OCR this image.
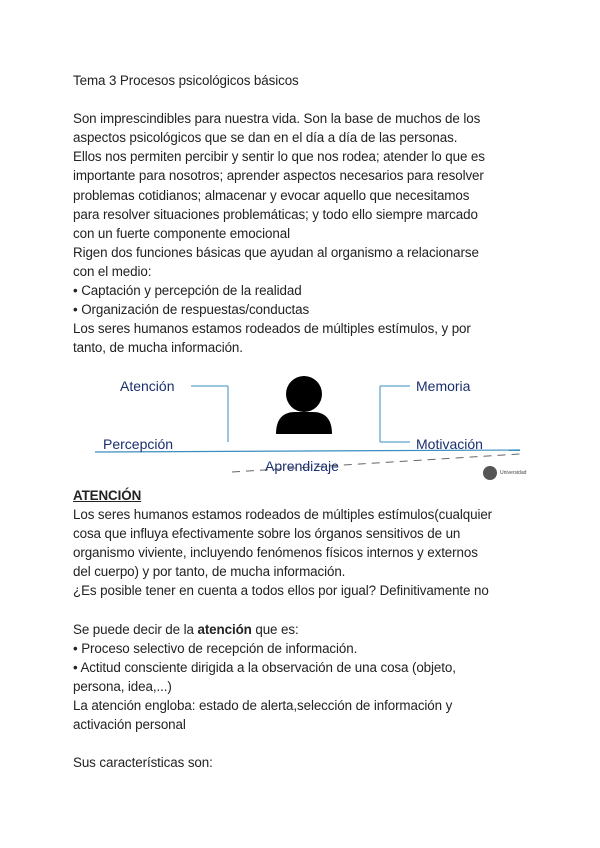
Tema 3 Procesos psicológicos básicos

Son imprescindibles para nuestra vida. Son la base de muchos de los

aspectos psicológicos que se dan en el día a día de las personas.

Ellos nos permiten percibir y sentir lo que nos rodea; atender lo que es

importante para nosotros; aprender aspectos necesarios para resolver

problemas cotidianos; almacenar y evocar aquello que necesitamos

para resolver situaciones problemáticas; y todo ello siempre marcado

con un fuerte componente emocional

Rigen dos funciones básicas que ayudan al organismo a relacionarse

con el medio:

• Captación y percepción de la realidad

• Organización de respuestas/conductas

Los seres humanos estamos rodeados de múltiples estímulos, y por

tanto, de mucha información.

Atención
Percepción
Memoria
Motivación
Aprendizaje	Universidad

ATENCIÓN

Los seres humanos estamos rodeados de múltiples estímulos(cualquier

cosa que influya efectivamente sobre los órganos sensitivos de un

organismo viviente, incluyendo fenómenos físicos internos y externos

del cuerpo) y por tanto, de mucha información.

¿Es posible tener en cuenta a todos ellos por igual? Definitivamente no

Se puede decir de la atención que es:

• Proceso selectivo de recepción de información.

• Actitud consciente dirigida a la observación de una cosa (objeto,

persona, idea,...)

La atención engloba: estado de alerta,selección de información y

activación personal

Sus características son:
